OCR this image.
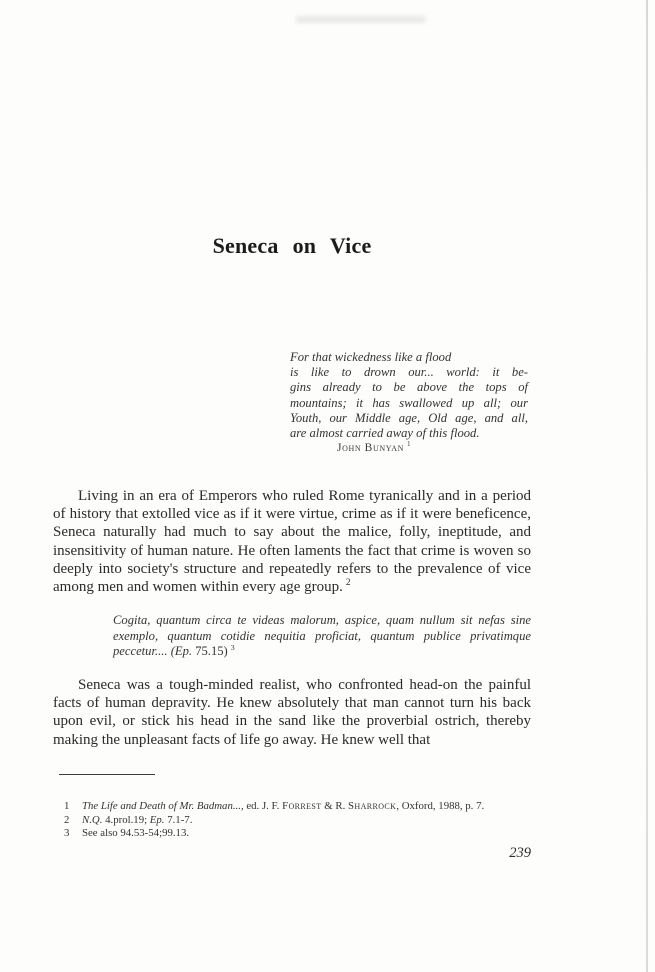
Seneca on Vice
For that wickedness like a flood
is like to drown our... world: it be-
gins already to be above the tops of
mountains; it has swallowed up all; our
Youth, our Middle age, Old age, and all,
are almost carried away of this flood.
John Bunyan $^1$

Living in an era of Emperors who ruled Rome tyranically and in a period of history that extolled vice as if it were virtue, crime as if it were beneficence, Seneca naturally had much to say about the malice, folly, ineptitude, and insensitivity of human nature. He often laments the fact that crime is woven so deeply into society's structure and repeatedly refers to the prevalence of vice among men and women within every age group. $^2$

Cogita, quantum circa te videas malorum, aspice, quam nullum sit nefas sine exemplo, quantum cotidie nequitia proficiat, quantum publice privatimque peccetur.... (Ep. 75.15) $^3$

Seneca was a tough-minded realist, who confronted head-on the painful facts of human depravity. He knew absolutely that man cannot turn his back upon evil, or stick his head in the sand like the proverbial ostrich, thereby making the unpleasant facts of life go away. He knew well that

1 The Life and Death of Mr. Badman..., ed. J. F. Forrest & R. Sharrock, Oxford, 1988, p. 7.
2 N.Q. 4.prol.19; Ep. 7.1-7.
3 See also 94.53-54;99.13.
239
